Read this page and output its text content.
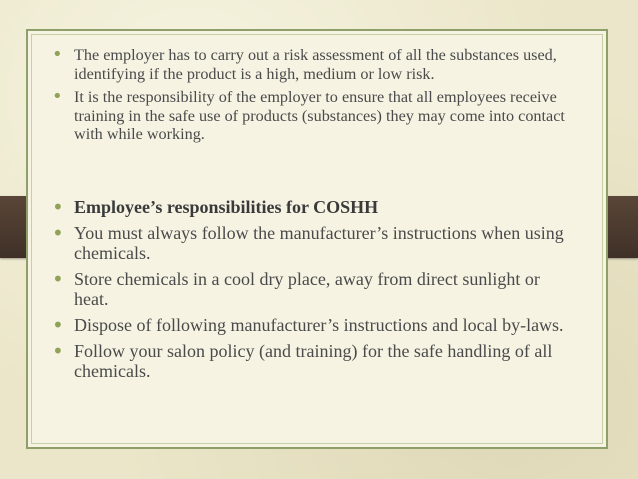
• The employer has to carry out a risk assessment of all the substances used, identifying if the product is a high, medium or low risk.
• It is the responsibility of the employer to ensure that all employees receive training in the safe use of products (substances) they may come into contact with while working.
• Employee’s responsibilities for COSHH
• You must always follow the manufacturer’s instructions when using chemicals.
• Store chemicals in a cool dry place, away from direct sunlight or heat.
• Dispose of following manufacturer’s instructions and local by-laws.
• Follow your salon policy (and training) for the safe handling of all chemicals.
